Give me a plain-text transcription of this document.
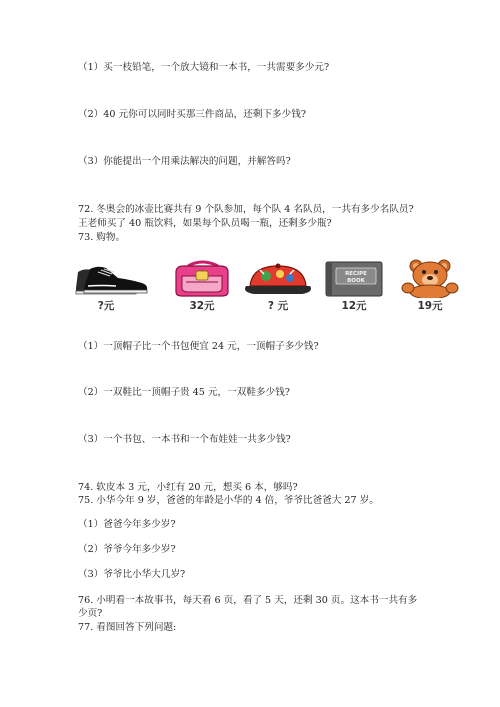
（1）买一枝铅笔，一个放大镜和一本书，一共需要多少元?
（2）40 元你可以同时买那三件商品，还剩下多少钱?
（3）你能提出一个用乘法解决的问题，并解答吗?
72. 冬奥会的冰壶比赛共有 9 个队参加，每个队 4 名队员，一共有多少名队员?
王老师买了 40 瓶饮料，如果每个队员喝一瓶，还剩多少瓶?
73. 购物。
?元	32元	? 元
RECIPE
BOOK
12元	19元
（1）一顶帽子比一个书包便宜 24 元，一顶帽子多少钱?
（2）一双鞋比一顶帽子贵 45 元，一双鞋多少钱?
（3）一个书包、一本书和一个布娃娃一共多少钱?
74. 软皮本 3 元，小红有 20 元，想买 6 本，够吗?
75. 小华今年 9 岁，爸爸的年龄是小华的 4 倍，爷爷比爸爸大 27 岁。
（1）爸爸今年多少岁?
（2）爷爷今年多少岁?
（3）爷爷比小华大几岁?
76. 小明看一本故事书，每天看 6 页，看了 5 天，还剩 30 页。这本书一共有多
少页?
77. 看图回答下列问题:
